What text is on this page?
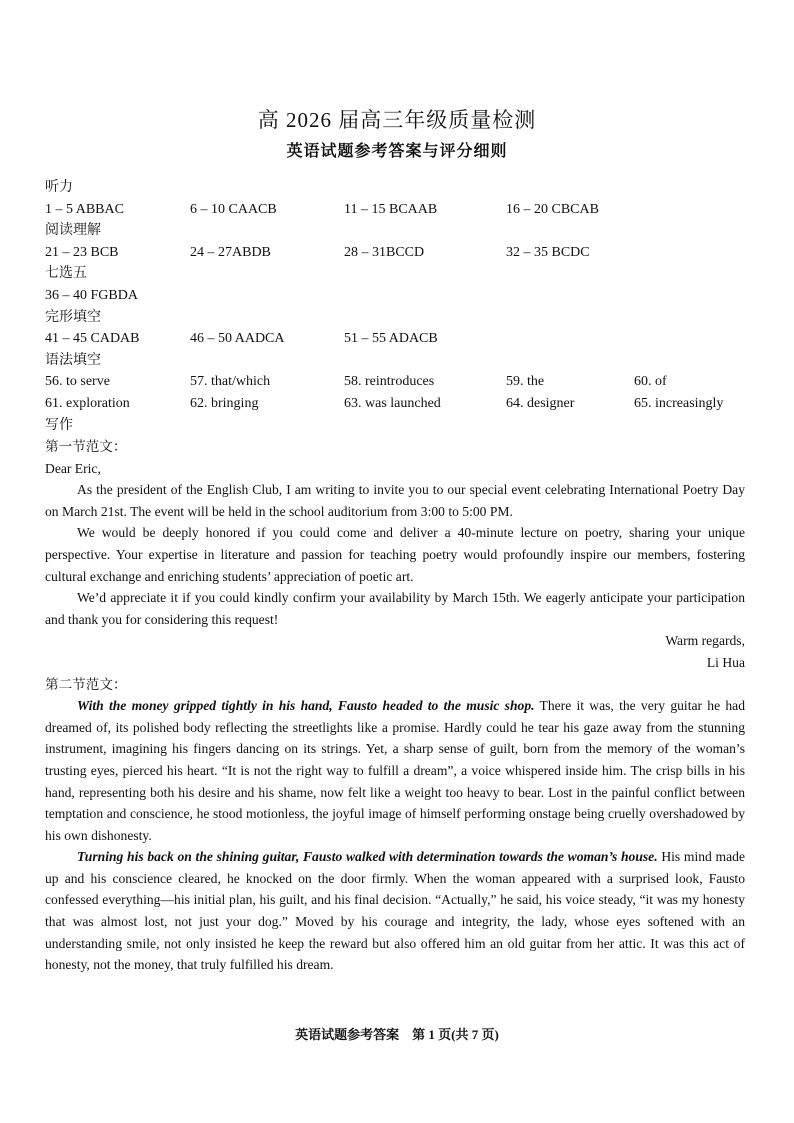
高 2026 届高三年级质量检测
英语试题参考答案与评分细则
听力
1 – 5 ABBAC	6 – 10 CAACB	11 – 15 BCAAB	16 – 20 CBCAB
阅读理解
21 – 23 BCB	24 – 27ABDB	28 – 31BCCD	32 – 35 BCDC
七选五
36 – 40 FGBDA
完形填空
41 – 45 CADAB	46 – 50 AADCA	51 – 55 ADACB
语法填空
56. to serve	57. that/which	58. reintroduces	59. the	60. of
61. exploration	62. bringing	63. was launched	64. designer	65. increasingly
写作

第一节范文：

Dear Eric,

As the president of the English Club, I am writing to invite you to our special event celebrating International Poetry Day on March 21st. The event will be held in the school auditorium from 3:00 to 5:00 PM.

We would be deeply honored if you could come and deliver a 40-minute lecture on poetry, sharing your unique perspective. Your expertise in literature and passion for teaching poetry would profoundly inspire our members, fostering cultural exchange and enriching students’ appreciation of poetic art.

We’d appreciate it if you could kindly confirm your availability by March 15th. We eagerly anticipate your participation and thank you for considering this request!

Warm regards,

Li Hua

第二节范文：

With the money gripped tightly in his hand, Fausto headed to the music shop. There it was, the very guitar he had dreamed of, its polished body reflecting the streetlights like a promise. Hardly could he tear his gaze away from the stunning instrument, imagining his fingers dancing on its strings. Yet, a sharp sense of guilt, born from the memory of the woman’s trusting eyes, pierced his heart. “It is not the right way to fulfill a dream”, a voice whispered inside him. The crisp bills in his hand, representing both his desire and his shame, now felt like a weight too heavy to bear. Lost in the painful conflict between temptation and conscience, he stood motionless, the joyful image of himself performing onstage being cruelly overshadowed by his own dishonesty.

Turning his back on the shining guitar, Fausto walked with determination towards the woman’s house. His mind made up and his conscience cleared, he knocked on the door firmly. When the woman appeared with a surprised look, Fausto confessed everything—his initial plan, his guilt, and his final decision. “Actually,” he said, his voice steady, “it was my honesty that was almost lost, not just your dog.” Moved by his courage and integrity, the lady, whose eyes softened with an understanding smile, not only insisted he keep the reward but also offered him an old guitar from her attic. It was this act of honesty, not the money, that truly fulfilled his dream.

英语试题参考答案　第 1 页(共 7 页)
